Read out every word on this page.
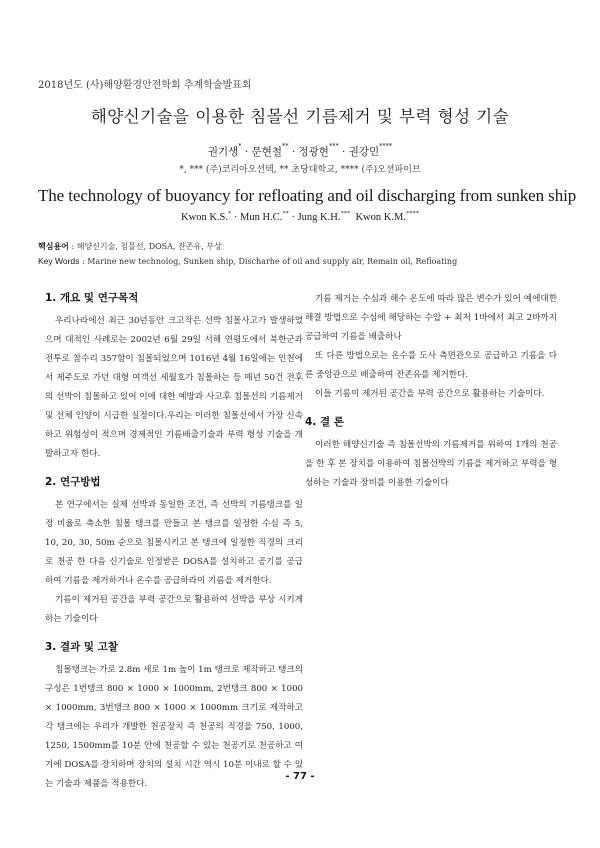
2018년도 (사)해양환경안전학회 추계학술발표회
해양신기술을 이용한 침몰선 기름제거 및 부력 형성 기술
권기생* · 문현철** · 정광현*** · 권강민****
*, *** (주)코리아오션텍, ** 초당대학교, **** (주)오션파이브
The technology of buoyancy for refloating and oil discharging from sunken ship
Kwon K.S.* · Mun H.C.** · Jung K.H.*** Kwon K.M.****
핵심용어 : 해양신기술, 침몰선, DOSA, 잔존유, 부상
Key Words : Marine new technolog, Sunken ship, Discharhe of oil and supply air, Remain oil, Refloating
1. 개요 및 연구목적

우리나라에선 최근 30년동안 크고작은 선박 침몰사고가 발생하였으며 대적인 사례로는 2002년 6월 29일 서해 연평도에서 북한군과 전투로 참수리 357함이 침몰되었으며 1016년 4월 16일에는 인천에서 제주도로 가던 대형 여객선 세월호가 침몰하는 등 매년 50건 전후의 선박이 침몰하고 있어 이에 대한 예방과 사고후 침몰선의 기름제거 및 선체 인양이 시급한 실정이다.우리는 이러한 침몰선에서 가장 신속하고 위험성이 적으며 경제적인 기름배출기술과 부력 형성 기술을 개발하고자 한다.

2. 연구방법

본 연구에서는 실제 선박과 동일한 조건, 즉 선박의 기름탱크를 일정 비율로 축소한 침몰 탱크를 만들고 본 탱크를 일정한 수심 즉 5, 10, 20, 30, 50m 순으로 침몰시키고 본 탱크에 일정한 직경의 크리로 천공 한 다음 신기술로 인정받은 DOSA를 설치하고 공기를 공급하여 기름을 제거하거나 온수를 공급하라이 기름을 제거한다.

기름이 제거된 공간을 부력 공간으로 활용하여 선박을 부상 시키게 하는 기술이다

3. 결과 및 고찰

침몰탱크는 가로 2.8m 세로 1m 높이 1m 탱크로 제작하고 탱크의 구성은 1번탱크 800 × 1000 × 1000mm, 2번탱크 800 × 1000 × 1000mm, 3번탱크 800 × 1000 × 1000mm 크기로 제작하고 각 탱크에는 우리가 개발한 천공장치 즉 천공의 직경을 750, 1000, 1250, 1500mm를 10분 안에 천공할 수 있는 천공기로 천공하고 여기에 DOSA를 장치하며 장치의 설치 시간 역시 10분 이내로 할 수 있는 기술과 제품을 적용한다.

기름 제거는 수심과 해수 온도에 따라 많은 변수가 있어 예에대한 해결 방법으로 수심에 해당하는 수압 + 최저 1바에서 최고 2바까지 공급하여 기름을 배출하나

또 다른 방법으로는 온수를 도사 측면관으로 공급하고 기름을 다른 중앙관으로 배출하여 잔존유를 제거한다.

이들 기름이 제거된 공간을 부력 공간으로 활용하는 기술이다.

4. 결 론

이러한 해양신기술 즉 침몰선박의 기름제거를 위하여 1개의 천공을 한 후 본 장치를 이용하여 침몰선박의 기름을 제거하고 부력을 형성하는 기술과 장비를 이용한 기술이다

- 77 -
